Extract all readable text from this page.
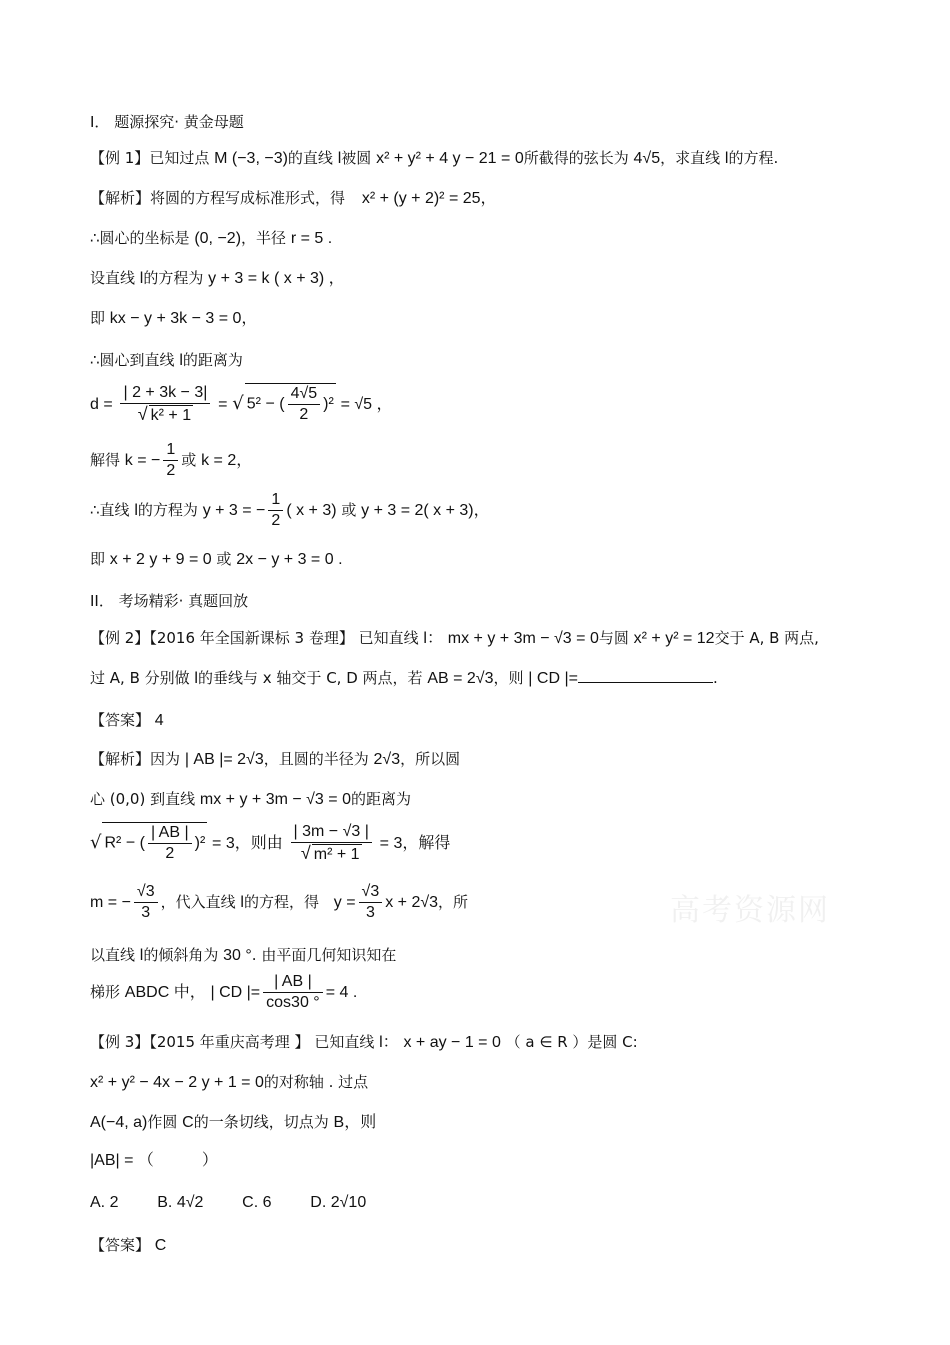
I． 题源探究· 黄金母题
【例 1】已知过点 M (−3, −3)的直线 l被圆 x² + y² + 4 y − 21 = 0所截得的弦长为 4√5，求直线 l的方程.
【解析】将圆的方程写成标准形式，得 x² + (y + 2)² = 25，
∴圆心的坐标是 (0, −2)，半径 r = 5 .
设直线 l的方程为 y + 3 = k ( x + 3) ，
即 kx − y + 3k − 3 = 0，
∴圆心到直线 l的距离为
$d = \frac{| 2 + 3k - 3|}{\text{√ k² + 1}}$ = √ 5² − ( $\frac{4√5}{2} )^2 = √5$ ，
解得 k = − $\frac{1}{2}$ 或 k = 2，
∴直线 l的方程为 y + 3 = − $\frac{1}{2}$ ( x + 3) 或 y + 3 = 2( x + 3)，
即 x + 2 y + 9 = 0 或 2x − y + 3 = 0 .
II． 考场精彩· 真题回放
【例 2】【2016 年全国新课标 3 卷理】 已知直线 l： mx + y + 3m − √3 = 0与圆 x² + y² = 12交于 A, B 两点,
过 A, B 分别做 l的垂线与 x 轴交于 C, D 两点，若 AB = 2√3，则 | CD |=	.
【答案】 4
【解析】因为 | AB |= 2√3，且圆的半径为 2√3，所以圆
心 (0,0) 到直线 mx + y + 3m − √3 = 0的距离为
√ R² − ( $\frac{| AB |}{2} )^2 = 3$，则由 $\frac{| 3m - √3 |}{\text{√ m² + 1}} = 3$，解得
m = − $\frac{√3}{3}$ ，代入直线 l的方程，得 $y = \frac{√3}{3}$ x + 2√3，所
以直线 l的倾斜角为 30 °. 由平面几何知识知在
梯形 ABDC 中， | CD |= $\frac{| AB |}{\cos 30 ^\circ} = 4$ .
【例 3】【2015 年重庆高考理 】 已知直线 l： x + ay − 1 = 0 （ a ∈ R ）是圆 C:
x² + y² − 4x − 2 y + 1 = 0的对称轴 . 过点
A(−4, a)作圆 C的一条切线，切点为 B，则
|AB| = （　　　）
A. 2 B. 4√2 C. 6 D. 2√10
【答案】 C
高考资源网
